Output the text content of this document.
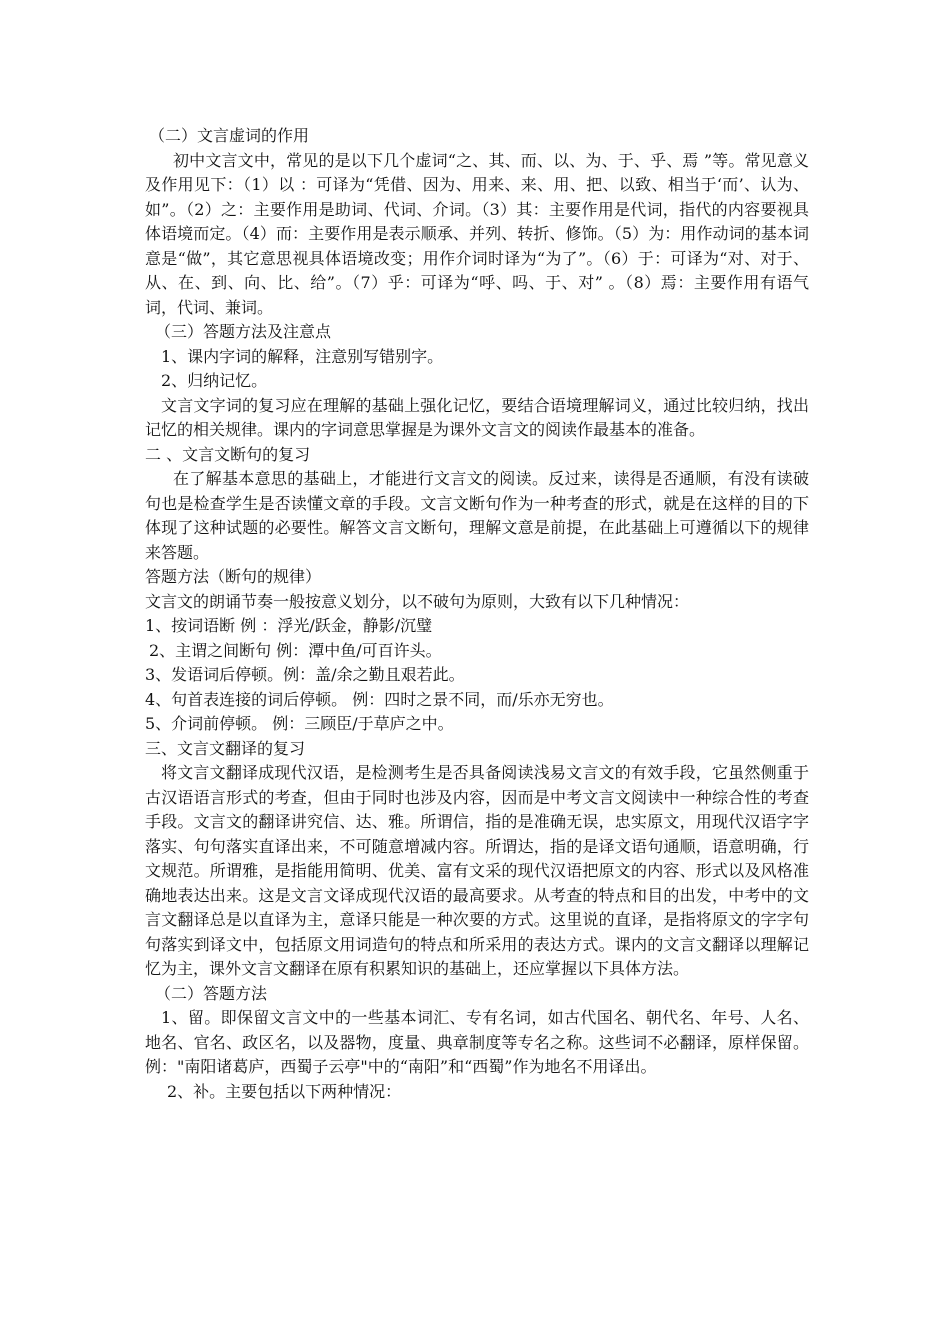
（二）文言虚词的作用

初中文言文中，常见的是以下几个虚词“之、其、而、以、为、于、乎、焉 ”等。常见意义及作用见下：（1）以 ：可译为“凭借、因为、用来、来、用、把、以致、相当于‘而’、认为、如”。（2）之：主要作用是助词、代词、介词。（3）其：主要作用是代词，指代的内容要视具体语境而定。（4）而：主要作用是表示顺承、并列、转折、修饰。（5）为：用作动词的基本词意是“做”，其它意思视具体语境改变；用作介词时译为“为了”。（6）于：可译为“对、对于、从、在、到、向、比、给”。（7）乎：可译为“呼、吗、于、对” 。（8）焉：主要作用有语气词，代词、兼词。

（三）答题方法及注意点

1、课内字词的解释，注意别写错别字。

2、归纳记忆。

文言文字词的复习应在理解的基础上强化记忆，要结合语境理解词义，通过比较归纳，找出记忆的相关规律。课内的字词意思掌握是为课外文言文的阅读作最基本的准备。

二 、文言文断句的复习

在了解基本意思的基础上，才能进行文言文的阅读。反过来，读得是否通顺，有没有读破句也是检查学生是否读懂文章的手段。文言文断句作为一种考查的形式，就是在这样的目的下体现了这种试题的必要性。解答文言文断句，理解文意是前提，在此基础上可遵循以下的规律来答题。

答题方法（断句的规律）

文言文的朗诵节奏一般按意义划分，以不破句为原则，大致有以下几种情况：

1、按词语断 例 ：浮光/跃金，静影/沉璧

2、主谓之间断句 例：潭中鱼/可百许头。

3、发语词后停顿。例：盖/余之勤且艰若此。

4、句首表连接的词后停顿。 例：四时之景不同，而/乐亦无穷也。

5、介词前停顿。 例：三顾臣/于草庐之中。

三、文言文翻译的复习

将文言文翻译成现代汉语，是检测考生是否具备阅读浅易文言文的有效手段，它虽然侧重于古汉语语言形式的考查，但由于同时也涉及内容，因而是中考文言文阅读中一种综合性的考查手段。文言文的翻译讲究信、达、雅。所谓信，指的是准确无误，忠实原文，用现代汉语字字落实、句句落实直译出来，不可随意增减内容。所谓达，指的是译文语句通顺，语意明确，行文规范。所谓雅，是指能用简明、优美、富有文采的现代汉语把原文的内容、形式以及风格准确地表达出来。这是文言文译成现代汉语的最高要求。从考查的特点和目的出发，中考中的文言文翻译总是以直译为主，意译只能是一种次要的方式。这里说的直译，是指将原文的字字句句落实到译文中，包括原文用词造句的特点和所采用的表达方式。课内的文言文翻译以理解记忆为主，课外文言文翻译在原有积累知识的基础上，还应掌握以下具体方法。

（二）答题方法

1、留。即保留文言文中的一些基本词汇、专有名词，如古代国名、朝代名、年号、人名、地名、官名、政区名，以及器物，度量、典章制度等专名之称。这些词不必翻译，原样保留。例："南阳诸葛庐，西蜀子云亭"中的“南阳”和“西蜀”作为地名不用译出。

2、补。主要包括以下两种情况：
